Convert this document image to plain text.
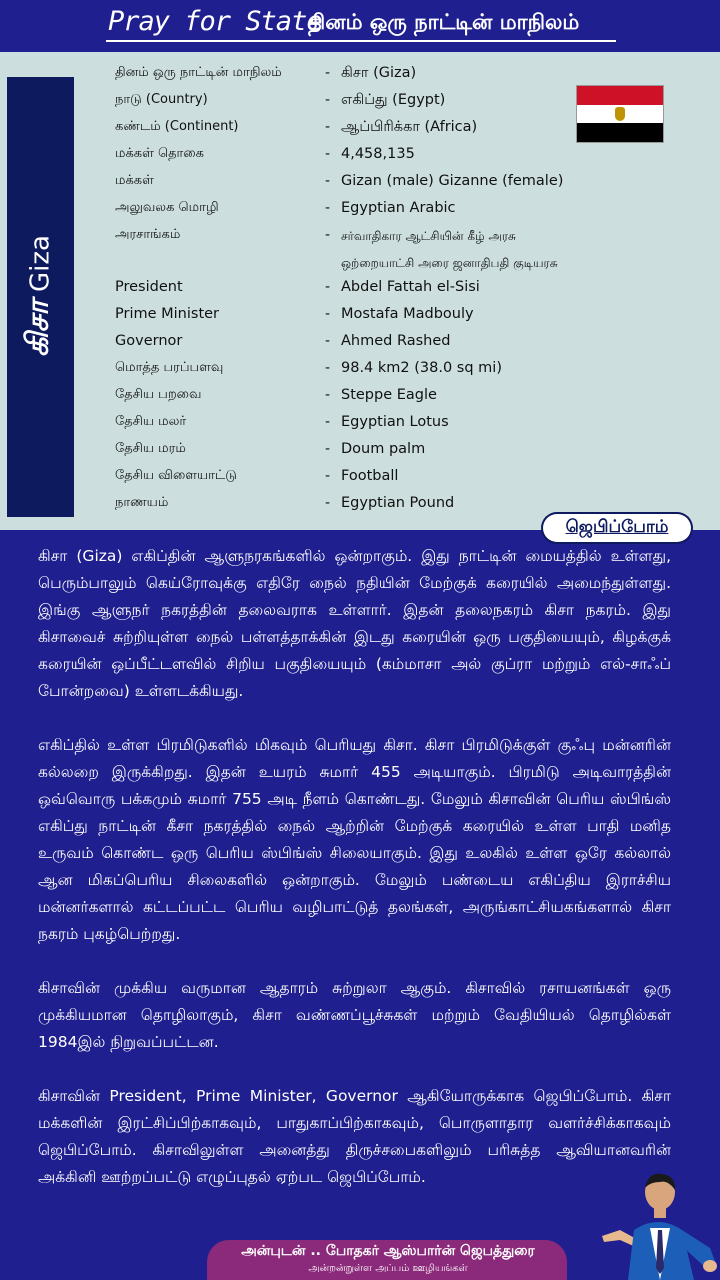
Pray for State
தினம் ஒரு நாட்டின் மாநிலம்
கிசா
Giza
தினம் ஒரு நாட்டின் மாநிலம்	- கிசா (Giza)
நாடு (Country)	- எகிப்து (Egypt)
கண்டம் (Continent)	- ஆப்பிரிக்கா (Africa)
மக்கள் தொகை	- 4,458,135
மக்கள்	- Gizan (male) Gizanne (female)
அலுவலக மொழி	- Egyptian Arabic
அரசாங்கம்	- சர்வாதிகார ஆட்சியின் கீழ் அரசு
ஒற்றையாட்சி அரை ஜனாதிபதி குடியரசு
President	- Abdel Fattah el-Sisi
Prime Minister	- Mostafa Madbouly
Governor	- Ahmed Rashed
மொத்த பரப்பளவு	- 98.4 km2 (38.0 sq mi)
தேசிய பறவை	- Steppe Eagle
தேசிய மலர்	- Egyptian Lotus
தேசிய மரம்	- Doum palm
தேசிய விளையாட்டு	- Football
நாணயம்	- Egyptian Pound
ஜெபிப்போம்

கிசா (Giza) எகிப்தின் ஆளுநரகங்களில் ஒன்றாகும். இது நாட்டின் மையத்தில் உள்ளது, பெரும்பாலும் கெய்ரோவுக்கு எதிரே நைல் நதியின் மேற்குக் கரையில் அமைந்துள்ளது. இங்கு ஆளுநர் நகரத்தின் தலைவராக உள்ளார். இதன் தலைநகரம் கிசா நகரம். இது கிசாவைச் சுற்றியுள்ள நைல் பள்ளத்தாக்கின் இடது கரையின் ஒரு பகுதியையும், கிழக்குக் கரையின் ஒப்பீட்டளவில் சிறிய பகுதியையும் (கம்மாசா அல் குப்ரா மற்றும் எல்-சாஃப் போன்றவை) உள்ளடக்கியது.

எகிப்தில் உள்ள பிரமிடுகளில் மிகவும் பெரியது கிசா. கிசா பிரமிடுக்குள் குஃபு மன்னரின் கல்லறை இருக்கிறது. இதன் உயரம் சுமார் 455 அடியாகும். பிரமிடு அடிவாரத்தின் ஒவ்வொரு பக்கமும் சுமார் 755 அடி நீளம் கொண்டது. மேலும் கிசாவின் பெரிய ஸ்பிங்ஸ் எகிப்து நாட்டின் கீசா நகரத்தில் நைல் ஆற்றின் மேற்குக் கரையில் உள்ள பாதி மனித உருவம் கொண்ட ஒரு பெரிய ஸ்பிங்ஸ் சிலையாகும். இது உலகில் உள்ள ஒரே கல்லால் ஆன மிகப்பெரிய சிலைகளில் ஒன்றாகும். மேலும் பண்டைய எகிப்திய இராச்சிய மன்னர்களால் கட்டப்பட்ட பெரிய வழிபாட்டுத் தலங்கள், அருங்காட்சியகங்களால் கிசா நகரம் புகழ்பெற்றது.

கிசாவின் முக்கிய வருமான ஆதாரம் சுற்றுலா ஆகும். கிசாவில் ரசாயனங்கள் ஒரு முக்கியமான தொழிலாகும், கிசா வண்ணப்பூச்சுகள் மற்றும் வேதியியல் தொழில்கள் 1984இல் நிறுவப்பட்டன.

கிசாவின் President, Prime Minister, Governor ஆகியோருக்காக ஜெபிப்போம். கிசா மக்களின் இரட்சிப்பிற்காகவும், பாதுகாப்பிற்காகவும், பொருளாதார வளர்ச்சிக்காகவும் ஜெபிப்போம். கிசாவிலுள்ள அனைத்து திருச்சபைகளிலும் பரிசுத்த ஆவியானவரின் அக்கினி ஊற்றப்பட்டு எழுப்புதல் ஏற்பட ஜெபிப்போம்.

அன்புடன் .. போதகர் ஆஸ்பார்ன் ஜெபத்துரை
அன்றன்றுள்ள அப்பம் ஊழியங்கள்
